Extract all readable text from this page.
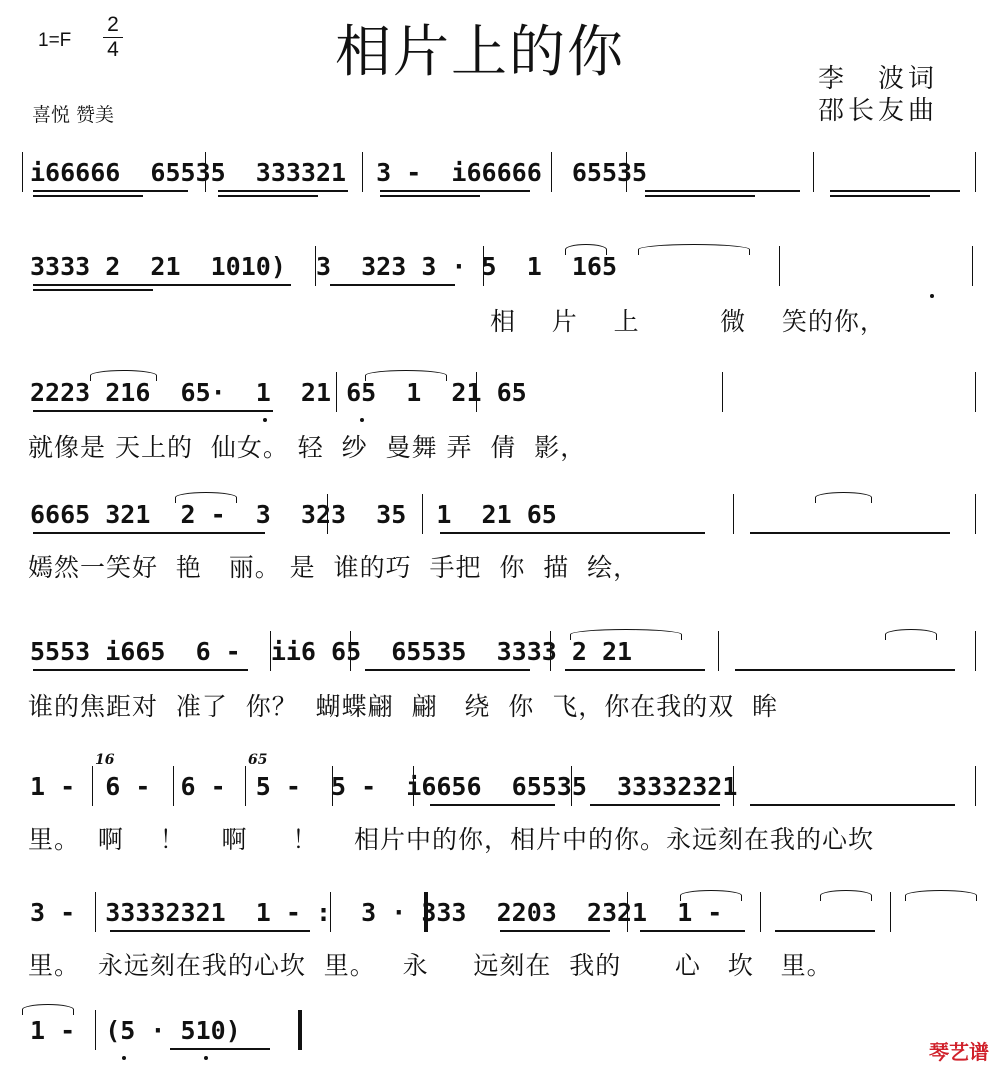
1=F
2
4	相片上的你	李　波词
邵长友曲
喜悦 赞美
i66666  65535  333321  3 -  i66666  65535
3333 2  21  1010)  3  323 3 · 5  1  165
相    片    上         微    笑的你，
2223 216  65·  1  21 65  1  21 65
就像是 天上的  仙女。 轻  纱  曼舞 弄  倩  影，
6665 321  2 -  3  323  35  1  21 65
嫣然一笑好  艳   丽。 是  谁的巧  手把  你  描  绘，
5553 i665  6 -  ii6 65  65535  3333 2 21
谁的焦距对  准了  你？  蝴蝶翩  翩   绕  你  飞，你在我的双  眸
1 -  6 -  6 -  5 -  5 -  i6656  65535  33332321
16	65
里。  啊    ！    啊     ！    相片中的你，相片中的你。永远刻在我的心坎
3 -  33332321  1 - :  3 · 333  2203  2321  1 -
里。  永远刻在我的心坎  里。   永     远刻在  我的      心   坎   里。
1 -  (5 · 510)
琴艺谱
